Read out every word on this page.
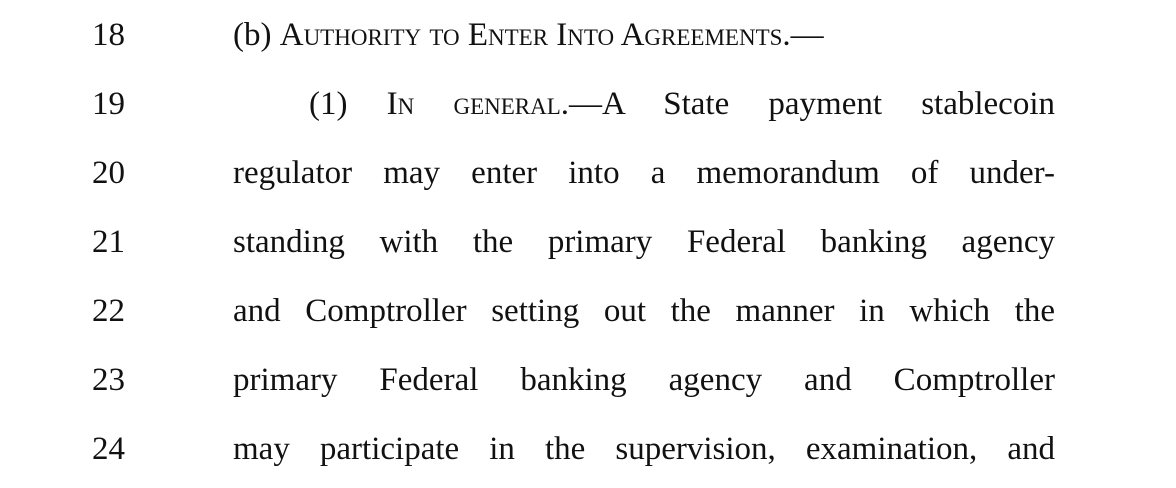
18	(b) Authority to Enter Into Agreements.—
19	(1) In general.—A State payment stablecoin
20	regulator may enter into a memorandum of under-
21	standing with the primary Federal banking agency
22	and Comptroller setting out the manner in which the
23	primary Federal banking agency and Comptroller
24	may participate in the supervision, examination, and
